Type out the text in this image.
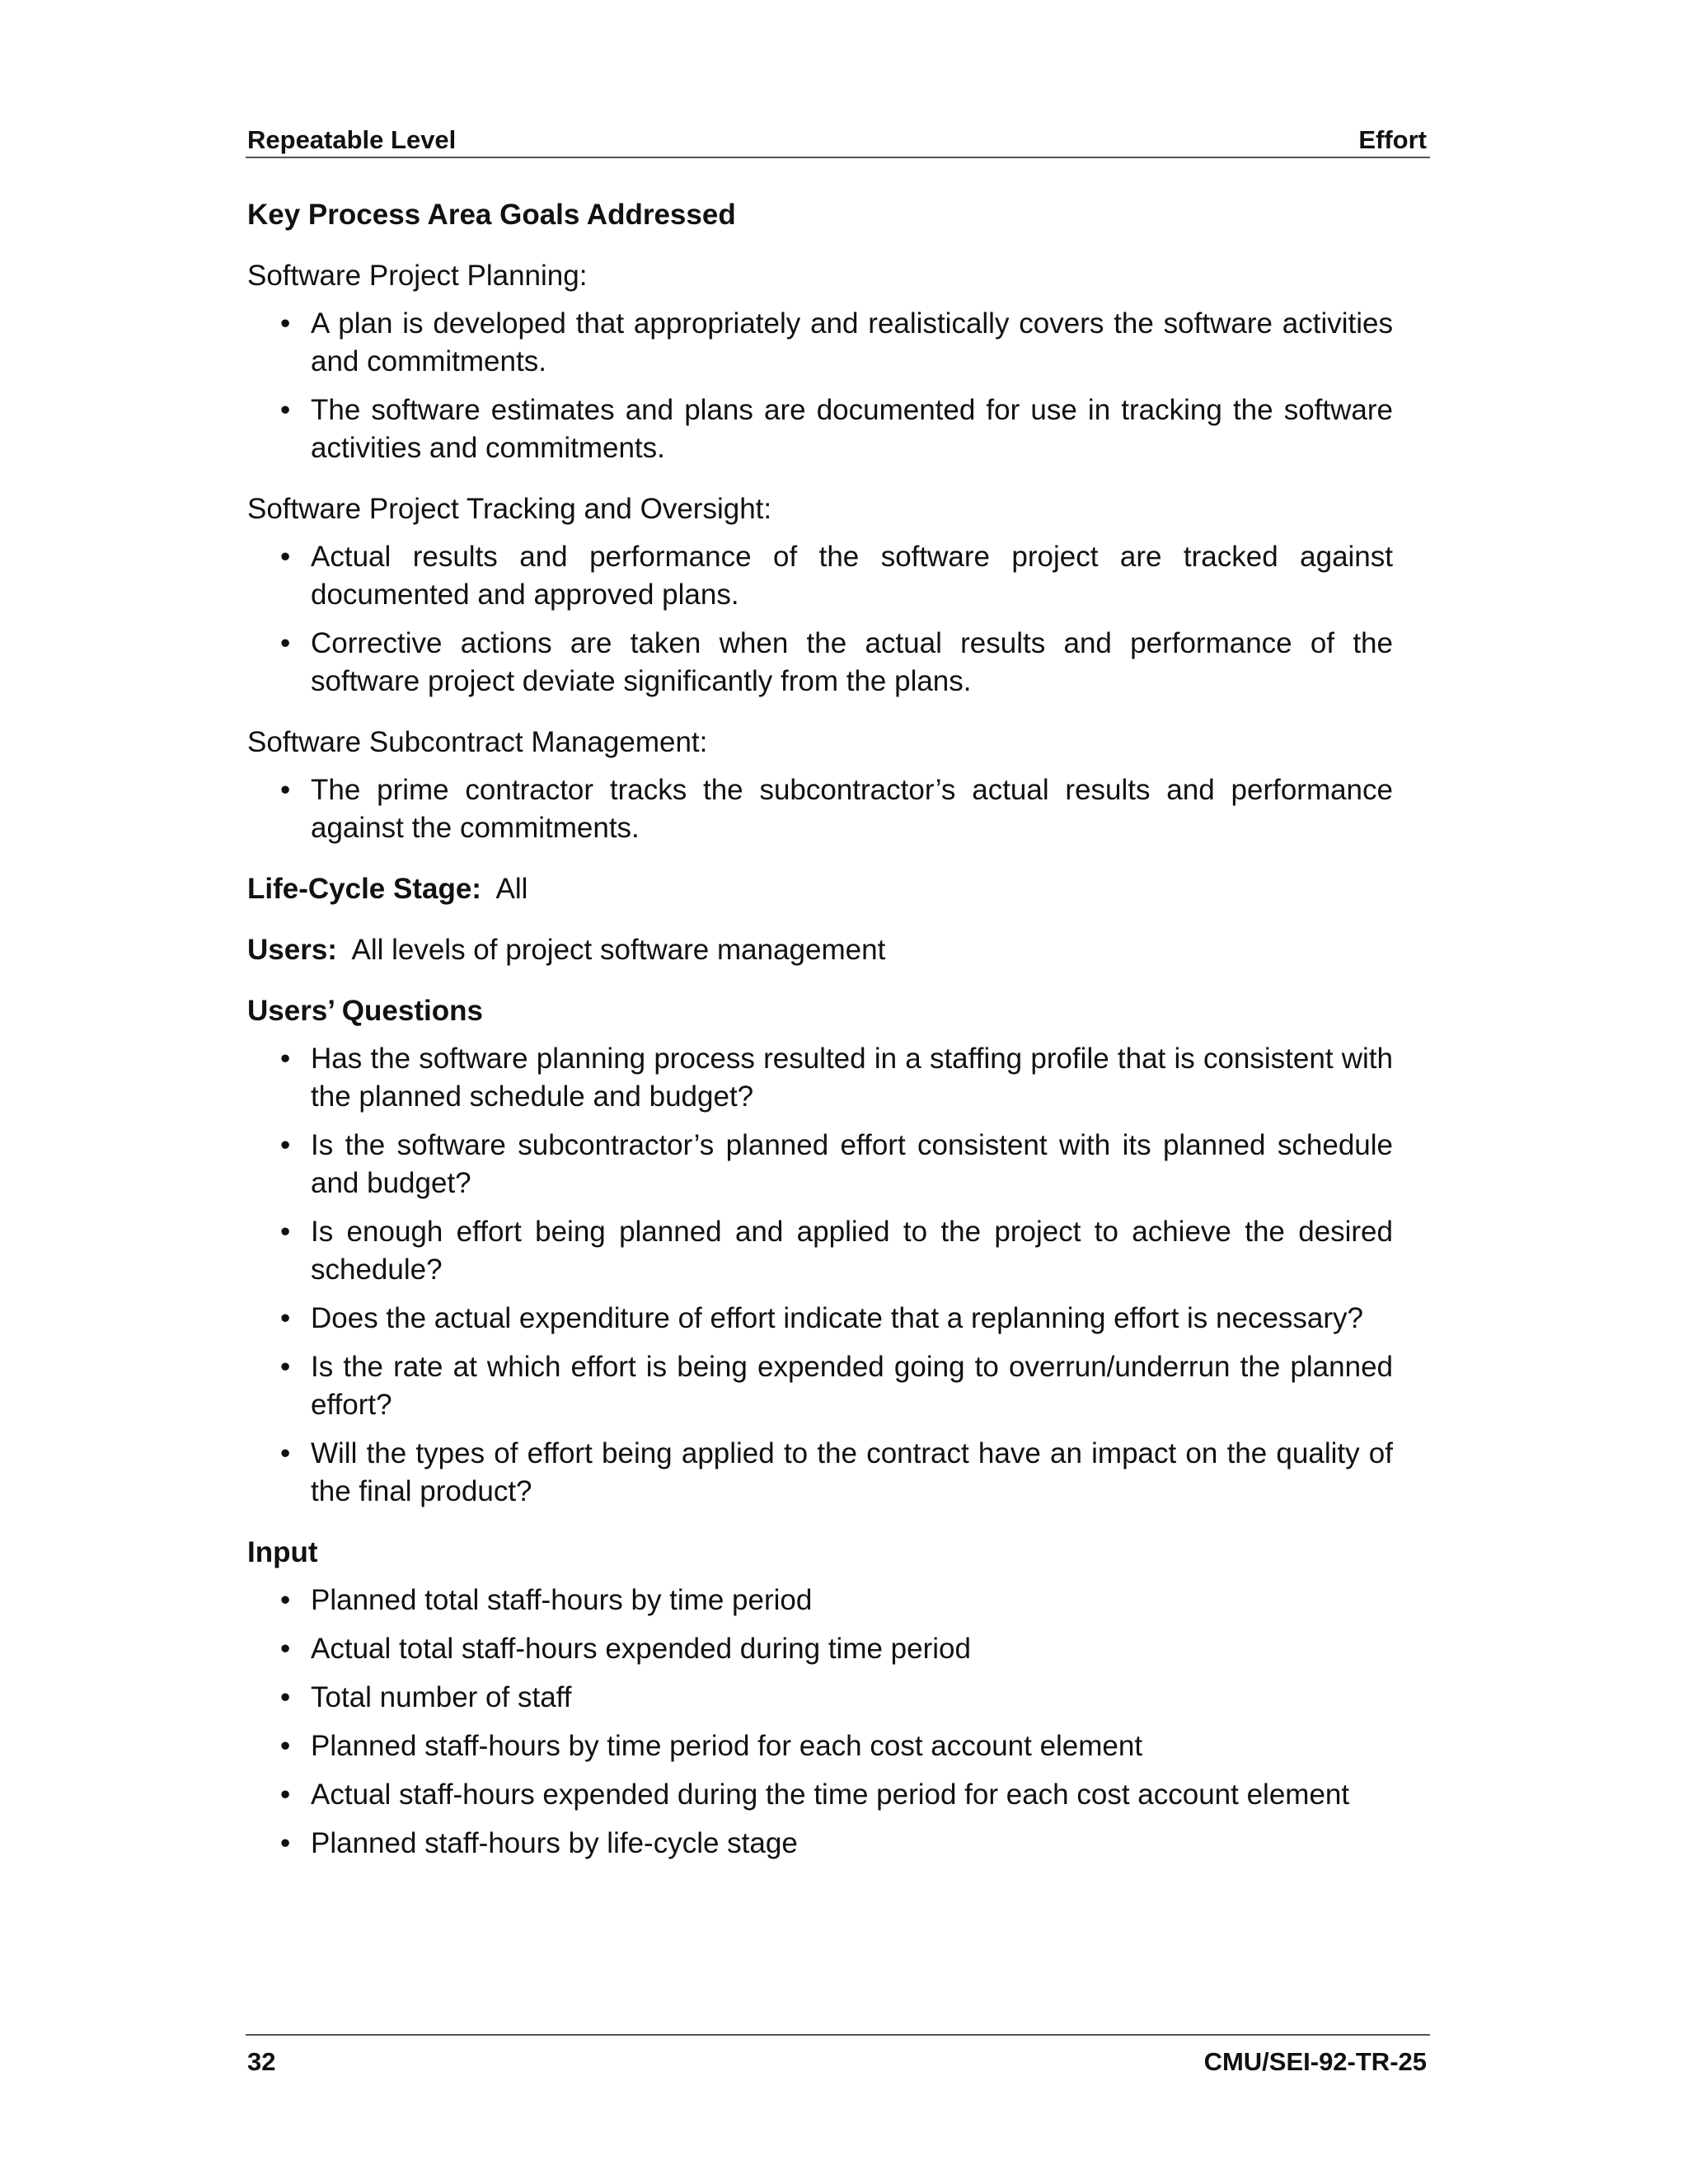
Repeatable Level	Effort
Key Process Area Goals Addressed
Software Project Planning:
• A plan is developed that appropriately and realistically covers the software activities and commitments.
• The software estimates and plans are documented for use in tracking the software activities and commitments.
Software Project Tracking and Oversight:
• Actual results and performance of the software project are tracked against documented and approved plans.
• Corrective actions are taken when the actual results and performance of the software project deviate significantly from the plans.
Software Subcontract Management:
• The prime contractor tracks the subcontractor’s actual results and performance against the commitments.
Life-Cycle Stage: All
Users: All levels of project software management
Users’ Questions
• Has the software planning process resulted in a staffing profile that is consistent with the planned schedule and budget?
• Is the software subcontractor’s planned effort consistent with its planned schedule and budget?
• Is enough effort being planned and applied to the project to achieve the desired schedule?
• Does the actual expenditure of effort indicate that a replanning effort is necessary?
• Is the rate at which effort is being expended going to overrun/underrun the planned effort?
• Will the types of effort being applied to the contract have an impact on the quality of the final product?
Input
• Planned total staff-hours by time period
• Actual total staff-hours expended during time period
• Total number of staff
• Planned staff-hours by time period for each cost account element
• Actual staff-hours expended during the time period for each cost account element
• Planned staff-hours by life-cycle stage
32	CMU/SEI-92-TR-25
